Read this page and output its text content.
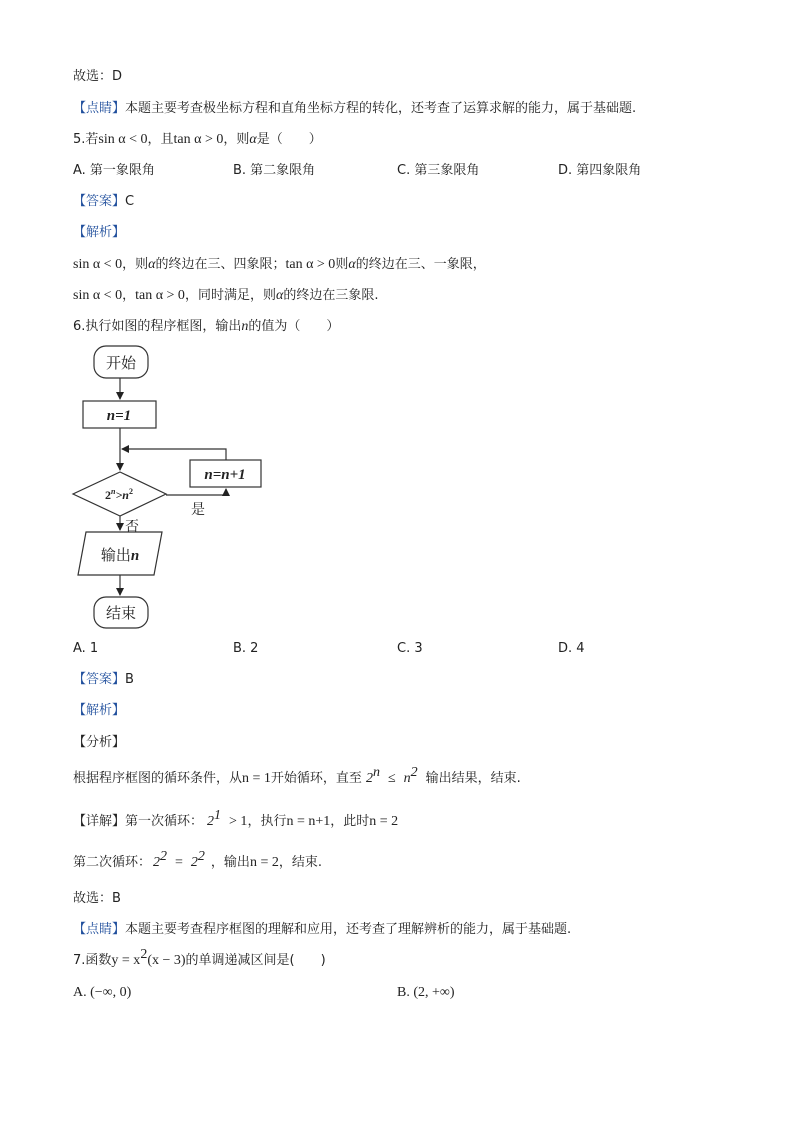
故选：D
【点睛】本题主要考查极坐标方程和直角坐标方程的转化，还考查了运算求解的能力，属于基础题.
5.若sin α < 0，且tan α > 0，则α是（　　）
A. 第一象限角	B. 第二象限角	C. 第三象限角	D. 第四象限角
【答案】C
【解析】
sin α < 0，则α的终边在三、四象限；tan α > 0则α的终边在三、一象限，
sin α < 0，tan α > 0，同时满足，则α的终边在三象限.
6.执行如图的程序框图，输出n的值为（　　）
开始
n=1
n=n+1
$2^n>n^2$
是
否
输出n
结束
A. 1	B. 2	C. 3	D. 4
【答案】B
【解析】
【分析】
根据程序框图的循环条件，从n = 1开始循环，直至 $2^n \le n^2$ 输出结果，结束.
【详解】第一次循环： $2^1 > 1$，执行n = n+1，此时n = 2
第二次循环： $2^2 = 2^2$ ，输出n = 2，结束.
故选：B
【点睛】本题主要考查程序框图的理解和应用，还考查了理解辨析的能力，属于基础题.
7.函数$y = x^2(x - 3)$的单调递减区间是(　　)
A. (−∞, 0)	B. (2, +∞)
